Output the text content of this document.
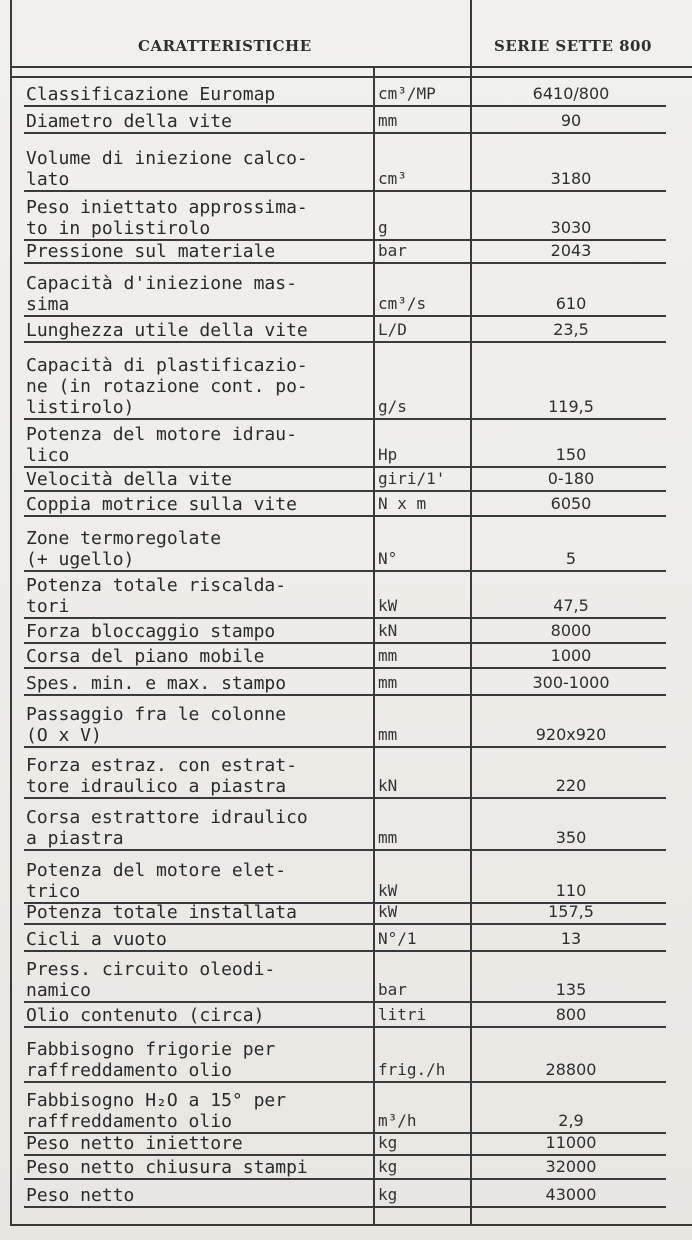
CARATTERISTICHE	SERIE SETTE 800
Classificazione Euromap	cm³/MP	6410/800
Diametro della vite	mm	90
Volume di iniezione calco-
lato	cm³	3180
Peso iniettato approssima-
to in polistirolo	g	3030
Pressione sul materiale	bar	2043
Capacità d'iniezione mas-
sima	cm³/s	610
Lunghezza utile della vite	L/D	23,5
Capacità di plastificazio-
ne (in rotazione cont. po-
listirolo)	g/s	119,5
Potenza del motore idrau-
lico	Hp	150
Velocità della vite	giri/1'	0-180
Coppia motrice sulla vite	N x m	6050
Zone termoregolate
(+ ugello)	N°	5
Potenza totale riscalda-
tori	kW	47,5
Forza bloccaggio stampo	kN	8000
Corsa del piano mobile	mm	1000
Spes. min. e max. stampo	mm	300-1000
Passaggio fra le colonne
(O x V)	mm	920x920
Forza estraz. con estrat-
tore idraulico a piastra	kN	220
Corsa estrattore idraulico
a piastra	mm	350
Potenza del motore elet-
trico	kW	110
Potenza totale installata	kW	157,5
Cicli a vuoto	N°/1	13
Press. circuito oleodi-
namico	bar	135
Olio contenuto (circa)	litri	800
Fabbisogno frigorie per
raffreddamento olio	frig./h	28800
Fabbisogno H₂O a 15° per
raffreddamento olio	m³/h	2,9
Peso netto iniettore	kg	11000
Peso netto chiusura stampi	kg	32000
Peso netto	kg	43000
